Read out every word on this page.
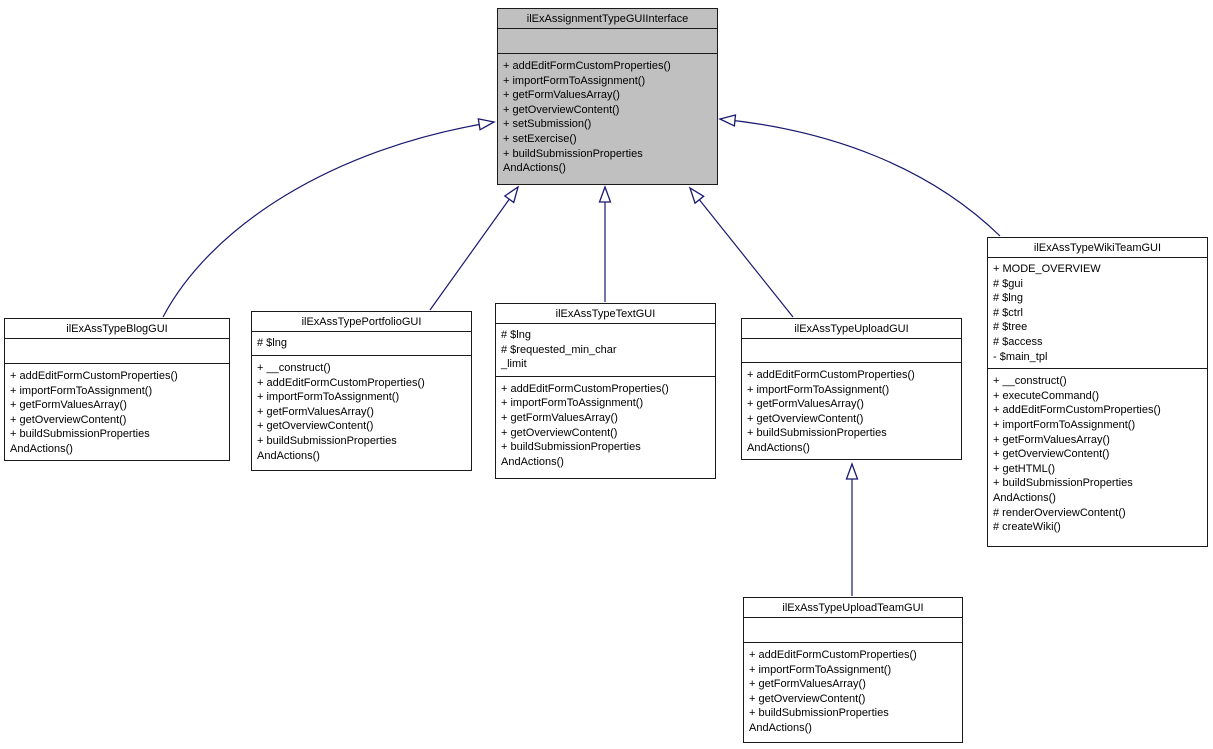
ilExAssignmentTypeGUIInterface
+ addEditFormCustomProperties()
+ importFormToAssignment()
+ getFormValuesArray()
+ getOverviewContent()
+ setSubmission()
+ setExercise()
+ buildSubmissionProperties
AndActions()
ilExAssTypeBlogGUI
+ addEditFormCustomProperties()
+ importFormToAssignment()
+ getFormValuesArray()
+ getOverviewContent()
+ buildSubmissionProperties
AndActions()
ilExAssTypePortfolioGUI
# $lng
+ __construct()
+ addEditFormCustomProperties()
+ importFormToAssignment()
+ getFormValuesArray()
+ getOverviewContent()
+ buildSubmissionProperties
AndActions()
ilExAssTypeTextGUI
# $lng
# $requested_min_char
_limit
+ addEditFormCustomProperties()
+ importFormToAssignment()
+ getFormValuesArray()
+ getOverviewContent()
+ buildSubmissionProperties
AndActions()
ilExAssTypeUploadGUI
+ addEditFormCustomProperties()
+ importFormToAssignment()
+ getFormValuesArray()
+ getOverviewContent()
+ buildSubmissionProperties
AndActions()
ilExAssTypeWikiTeamGUI
+ MODE_OVERVIEW
# $gui
# $lng
# $ctrl
# $tree
# $access
- $main_tpl
+ __construct()
+ executeCommand()
+ addEditFormCustomProperties()
+ importFormToAssignment()
+ getFormValuesArray()
+ getOverviewContent()
+ getHTML()
+ buildSubmissionProperties
AndActions()
# renderOverviewContent()
# createWiki()
ilExAssTypeUploadTeamGUI
+ addEditFormCustomProperties()
+ importFormToAssignment()
+ getFormValuesArray()
+ getOverviewContent()
+ buildSubmissionProperties
AndActions()
